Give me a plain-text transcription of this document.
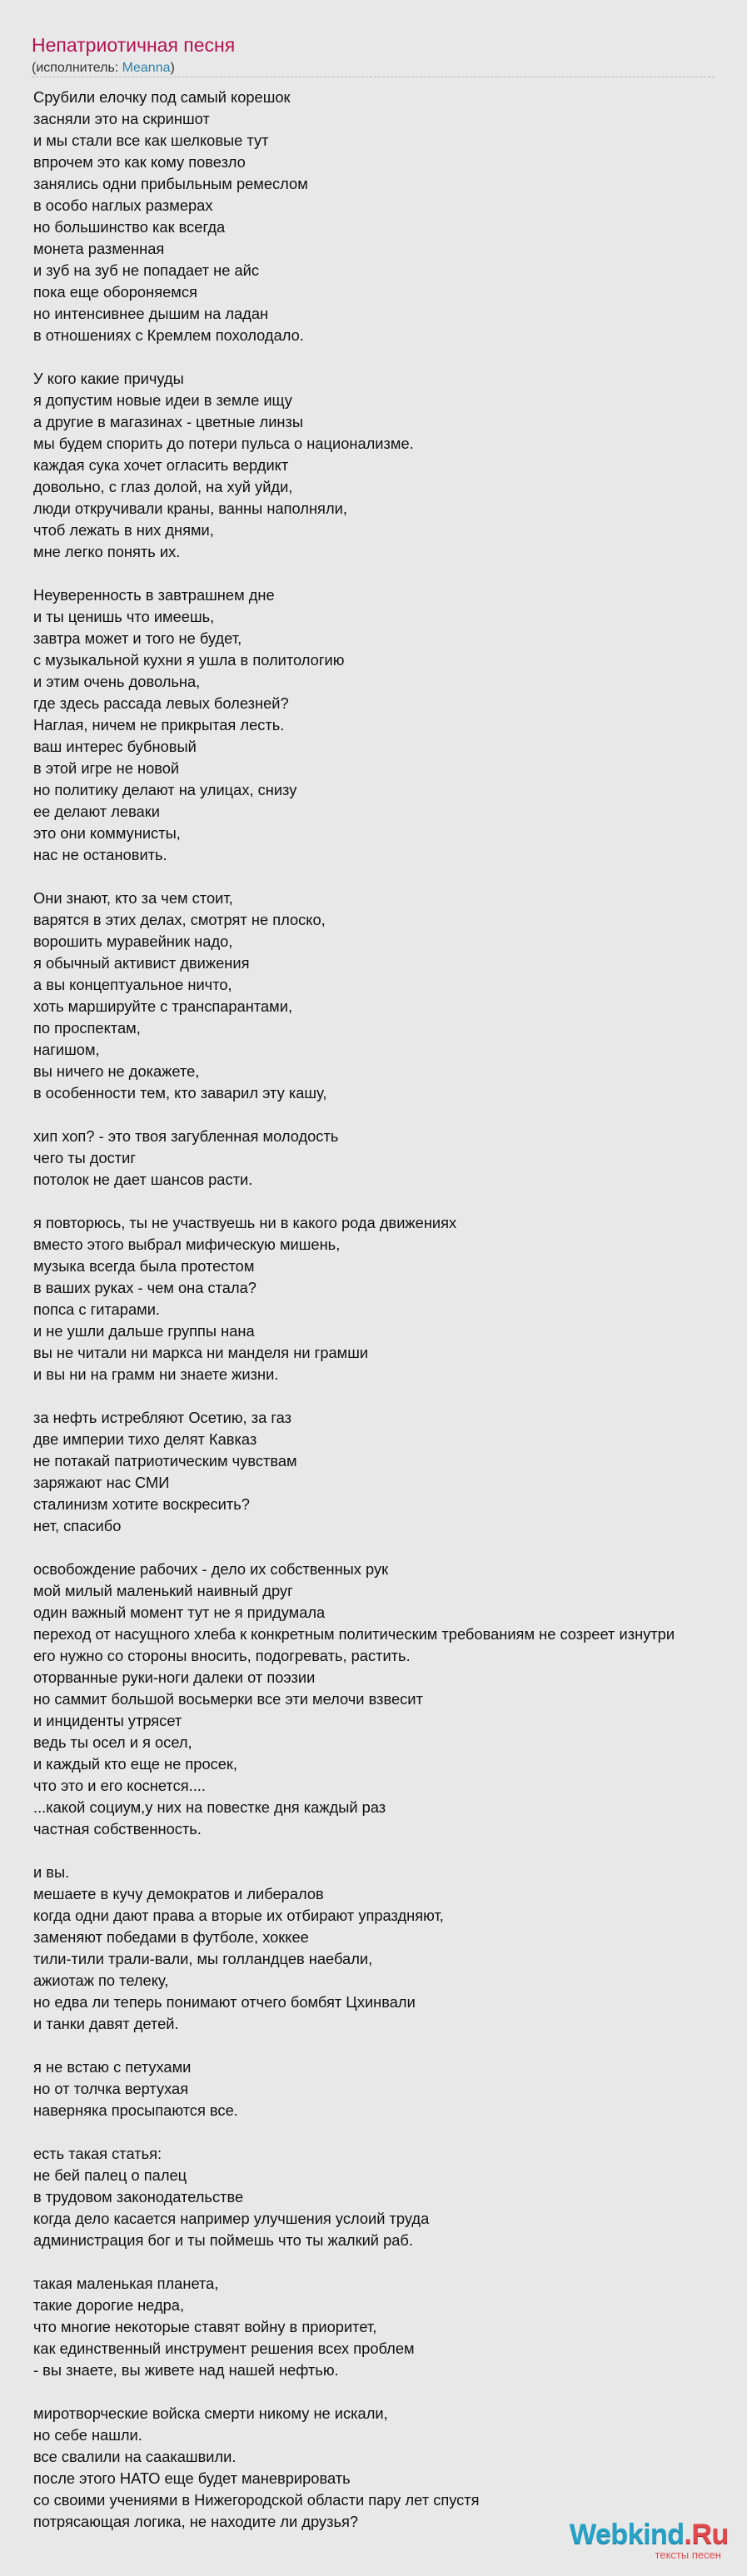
Непатриотичная песня
(исполнитель: Meanna)
Срубили елочку под самый корешок
засняли это на скриншот
и мы стали все как шелковые тут
впрочем это как кому повезло
занялись одни прибыльным ремеслом
в особо наглых размерах
но большинство как всегда
монета разменная
и зуб на зуб не попадает не айс
пока еще обороняемся
но интенсивнее дышим на ладан
в отношениях с Кремлем похолодало.

У кого какие причуды
я допустим новые идеи в земле ищу
а другие в магазинах - цветные линзы
мы будем спорить до потери пульса о национализме.
каждая сука хочет огласить вердикт
довольно, с глаз долой, на хуй уйди,
люди откручивали краны, ванны наполняли,
чтоб лежать в них днями,
мне легко понять их.

Неуверенность в завтрашнем дне
и ты ценишь что имеешь,
завтра может и того не будет,
с музыкальной кухни я ушла в политологию
и этим очень довольна,
где здесь рассада левых болезней?
Наглая, ничем не прикрытая лесть.
ваш интерес бубновый
в этой игре не новой
но политику делают на улицах, снизу
ее делают леваки
это они коммунисты,
нас не остановить.

Они знают, кто за чем стоит,
варятся в этих делах, смотрят не плоско,
ворошить муравейник надо,
я обычный активист движения
а вы концептуальное ничто,
хоть маршируйте с транспарантами,
по проспектам,
нагишом,
вы ничего не докажете,
в особенности тем, кто заварил эту кашу,

хип хоп? - это твоя загубленная молодость
чего ты достиг
потолок не дает шансов расти.

я повторюсь, ты не участвуешь ни в какого рода движениях
вместо этого выбрал мифическую мишень,
музыка всегда была протестом
в ваших руках - чем она стала?
попса с гитарами.
и не ушли дальше группы нана
вы не читали ни маркса ни манделя ни грамши
и вы ни на грамм ни знаете жизни.

за нефть истребляют Осетию, за газ
две империи тихо делят Кавказ
не потакай патриотическим чувствам
заряжают нас СМИ
сталинизм хотите воскресить?
нет, спасибо

освобождение рабочих - дело их собственных рук
мой милый маленький наивный друг
один важный момент тут не я придумала
переход от насущного хлеба к конкретным политическим требованиям не созреет изнутри
его нужно со стороны вносить, подогревать, растить.
оторванные руки-ноги далеки от поэзии
но саммит большой восьмерки все эти мелочи взвесит
и инциденты утрясет
ведь ты осел и я осел,
и каждый кто еще не просек,
что это и его коснется....
...какой социум,у них на повестке дня каждый раз
частная собственность.

и вы.
мешаете в кучу демократов и либералов
когда одни дают права а вторые их отбирают упраздняют,
заменяют победами в футболе, хоккее
тили-тили трали-вали, мы голландцев наебали,
ажиотаж по телеку,
но едва ли теперь понимают отчего бомбят Цхинвали
и танки давят детей.

я не встаю с петухами
но от толчка вертухая
наверняка просыпаются все.

есть такая статья:
не бей палец о палец
в трудовом законодательстве
когда дело касается например улучшения услоий труда
администрация бог и ты поймешь что ты жалкий раб.

такая маленькая планета,
такие дорогие недра,
что многие некоторые ставят войну в приоритет,
как единственный инструмент решения всех проблем
- вы знаете, вы живете над нашей нефтью.

миротворческие войска смерти никому не искали,
но себе нашли.
все свалили на саакашвили.
после этого НАТО еще будет маневрировать
со своими учениями в Нижегородской области пару лет спустя
потрясающая логика, не находите ли друзья?	Webkind.Ru
тексты песен
